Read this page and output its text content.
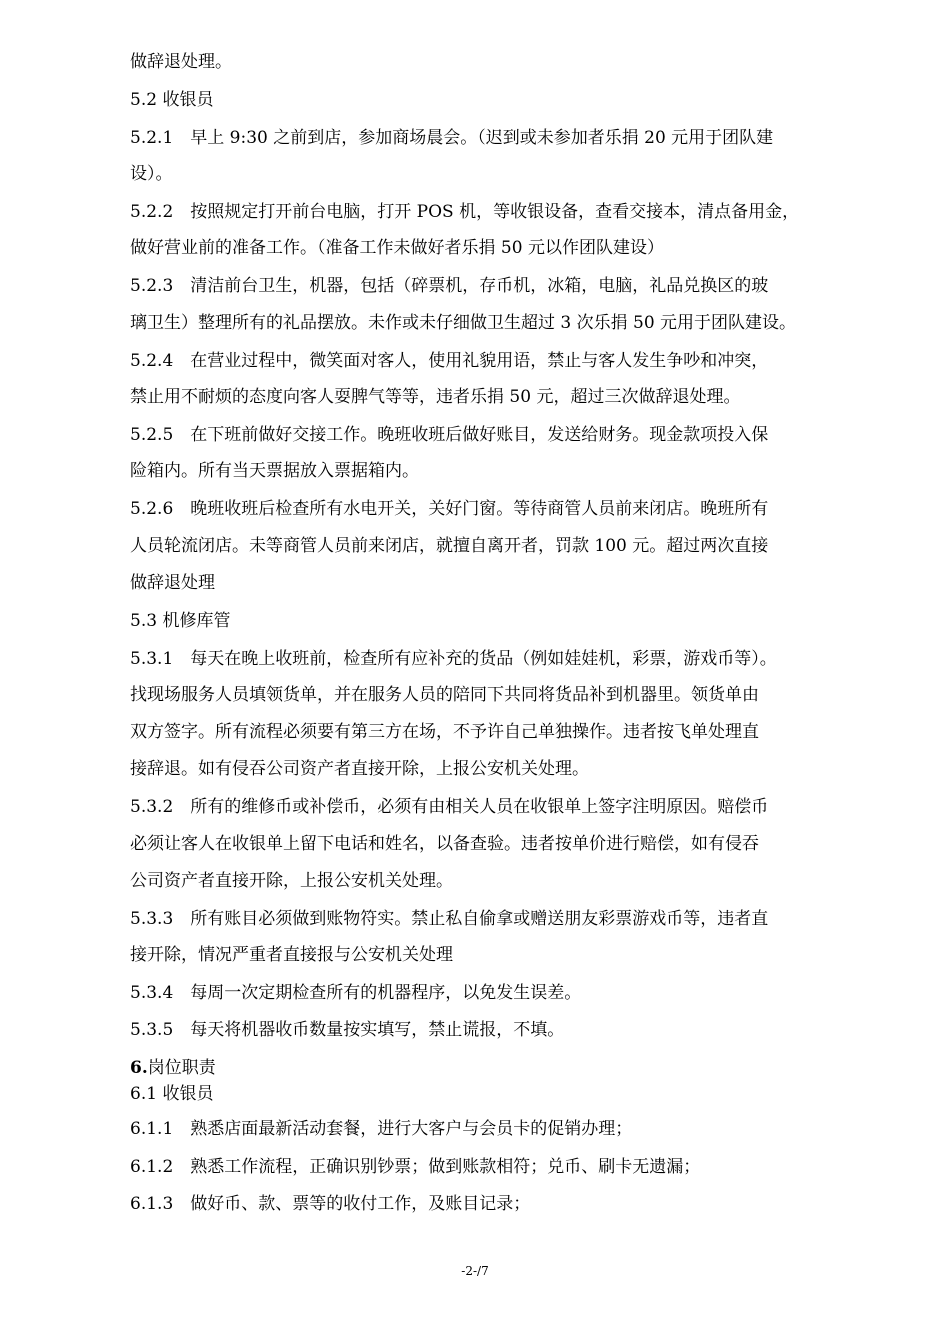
做辞退处理。
5.2 收银员
5.2.1　早上 9:30 之前到店，参加商场晨会。（迟到或未参加者乐捐 20 元用于团队建
设）。
5.2.2　按照规定打开前台电脑，打开 POS 机，等收银设备，查看交接本，清点备用金，
做好营业前的准备工作。（准备工作未做好者乐捐 50 元以作团队建设）
5.2.3　清洁前台卫生，机器，包括（碎票机，存币机，冰箱，电脑，礼品兑换区的玻
璃卫生）整理所有的礼品摆放。未作或未仔细做卫生超过 3 次乐捐 50 元用于团队建设。
5.2.4　在营业过程中，微笑面对客人，使用礼貌用语，禁止与客人发生争吵和冲突，
禁止用不耐烦的态度向客人耍脾气等等，违者乐捐 50 元，超过三次做辞退处理。
5.2.5　在下班前做好交接工作。晚班收班后做好账目，发送给财务。现金款项投入保
险箱内。所有当天票据放入票据箱内。
5.2.6　晚班收班后检查所有水电开关，关好门窗。等待商管人员前来闭店。晚班所有
人员轮流闭店。未等商管人员前来闭店，就擅自离开者，罚款 100 元。超过两次直接
做辞退处理
5.3 机修库管
5.3.1　每天在晚上收班前，检查所有应补充的货品（例如娃娃机，彩票，游戏币等）。
找现场服务人员填领货单，并在服务人员的陪同下共同将货品补到机器里。领货单由
双方签字。所有流程必须要有第三方在场，不予许自己单独操作。违者按飞单处理直
接辞退。如有侵吞公司资产者直接开除，上报公安机关处理。
5.3.2　所有的维修币或补偿币，必须有由相关人员在收银单上签字注明原因。赔偿币
必须让客人在收银单上留下电话和姓名，以备查验。违者按单价进行赔偿，如有侵吞
公司资产者直接开除，上报公安机关处理。
5.3.3　所有账目必须做到账物符实。禁止私自偷拿或赠送朋友彩票游戏币等，违者直
接开除，情况严重者直接报与公安机关处理
5.3.4　每周一次定期检查所有的机器程序，以免发生误差。
5.3.5　每天将机器收币数量按实填写，禁止谎报，不填。
6.岗位职责
6.1 收银员
6.1.1　熟悉店面最新活动套餐，进行大客户与会员卡的促销办理；
6.1.2　熟悉工作流程，正确识别钞票；做到账款相符；兑币、刷卡无遗漏；
6.1.3　做好币、款、票等的收付工作，及账目记录；
-2-/7
